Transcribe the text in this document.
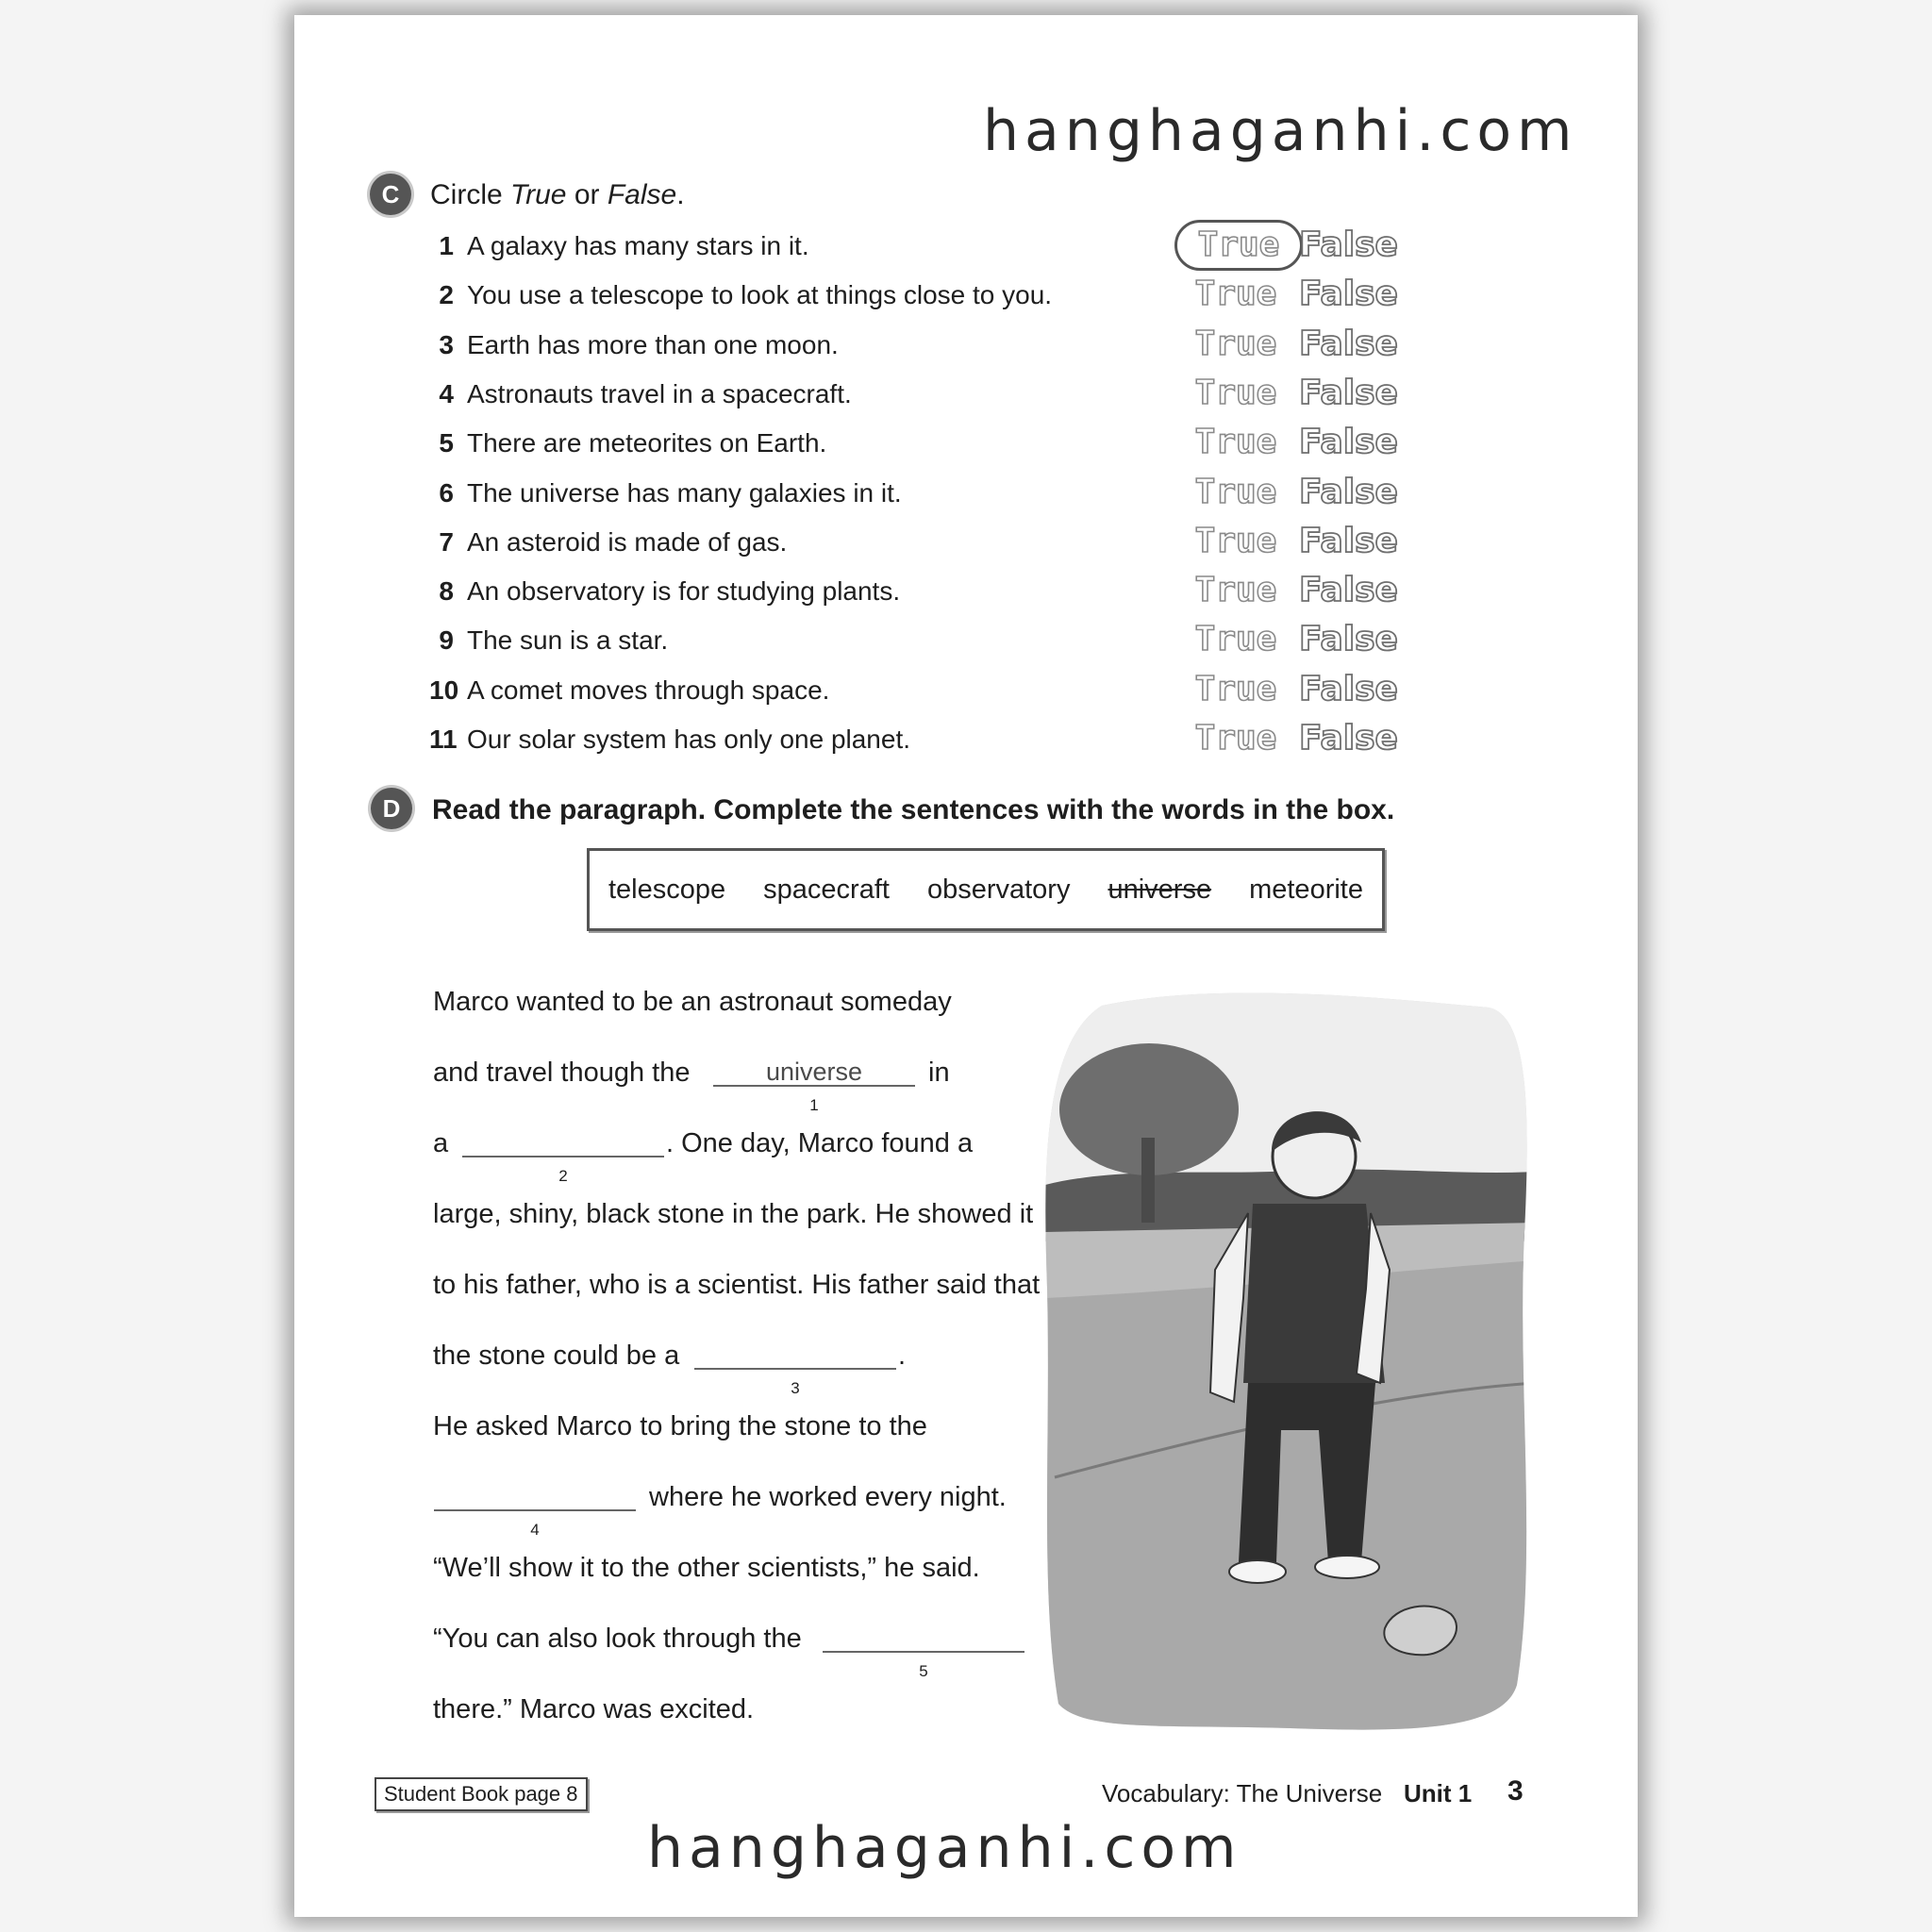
hanghaganhi.com
hanghaganhi.com
C	Circle True or False.
1 A galaxy has many stars in it.	True False
2 You use a telescope to look at things close to you.	True False
3 Earth has more than one moon.	True False
4 Astronauts travel in a spacecraft.	True False
5 There are meteorites on Earth.	True False
6 The universe has many galaxies in it.	True False
7 An asteroid is made of gas.	True False
8 An observatory is for studying plants.	True False
9 The sun is a star.	True False
10 A comet moves through space.	True False
11 Our solar system has only one planet.	True False
D	Read the paragraph. Complete the sentences with the words in the box.
telescope spacecraft observatory universe meteorite
Marco wanted to be an astronaut someday
and travel though the	universe
1
in
a
2
. One day, Marco found a
large, shiny, black stone in the park. He showed it
to his father, who is a scientist. His father said that
the stone could be a
3
.
He asked Marco to bring the stone to the
4
where he worked every night.
“We’ll show it to the other scientists,” he said.
“You can also look through the
5
there.” Marco was excited.
Student Book page 8	Vocabulary: The Universe Unit 1 3
